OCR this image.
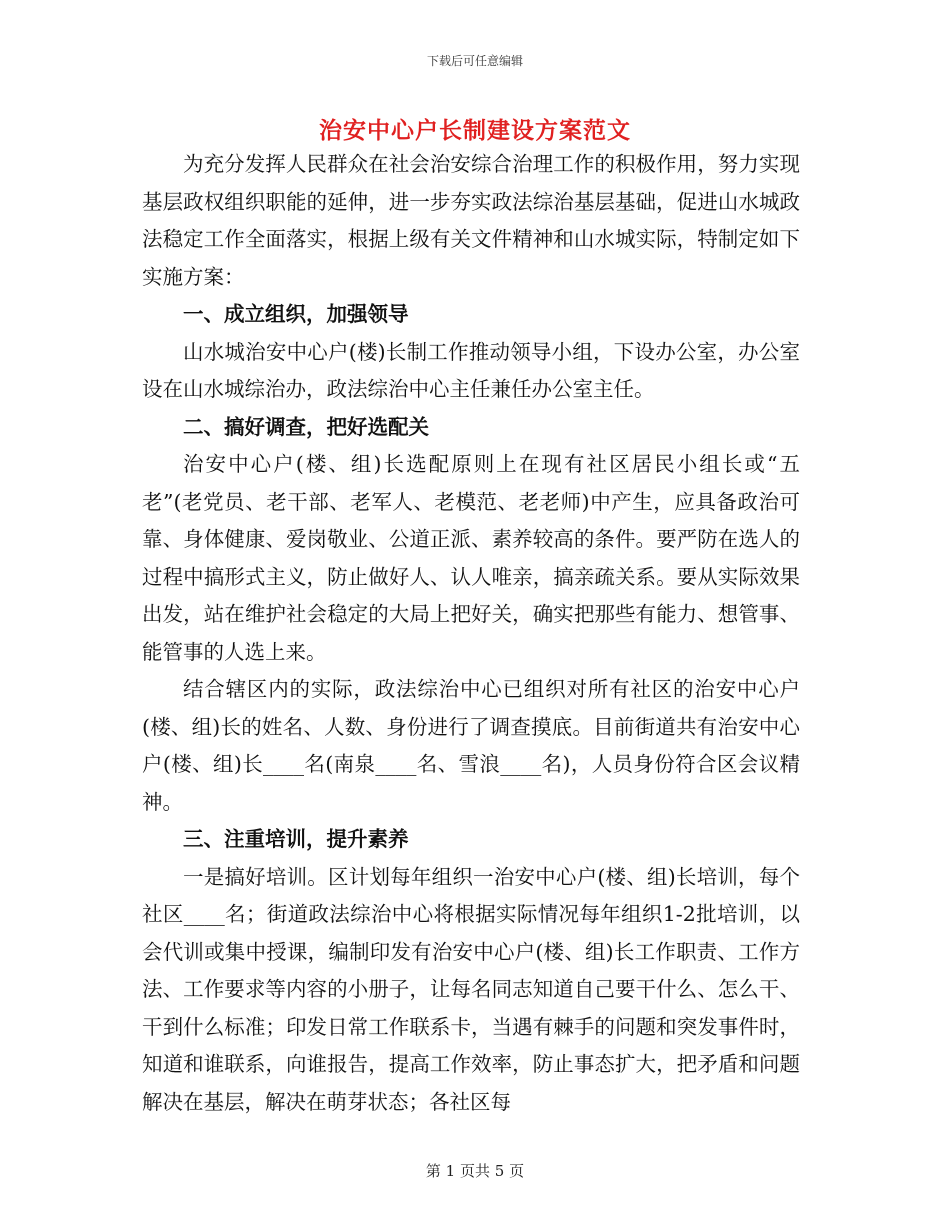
下载后可任意编辑
治安中心户长制建设方案范文

为充分发挥人民群众在社会治安综合治理工作的积极作用，努力实现基层政权组织职能的延伸，进一步夯实政法综治基层基础，促进山水城政法稳定工作全面落实，根据上级有关文件精神和山水城实际，特制定如下实施方案：

一、成立组织，加强领导

山水城治安中心户(楼)长制工作推动领导小组，下设办公室，办公室设在山水城综治办，政法综治中心主任兼任办公室主任。

二、搞好调查，把好选配关

治安中心户(楼、组)长选配原则上在现有社区居民小组长或“五老”(老党员、老干部、老军人、老模范、老老师)中产生，应具备政治可靠、身体健康、爱岗敬业、公道正派、素养较高的条件。要严防在选人的过程中搞形式主义，防止做好人、认人唯亲，搞亲疏关系。要从实际效果出发，站在维护社会稳定的大局上把好关，确实把那些有能力、想管事、能管事的人选上来。

结合辖区内的实际，政法综治中心已组织对所有社区的治安中心户(楼、组)长的姓名、人数、身份进行了调查摸底。目前街道共有治安中心户(楼、组)长____名(南泉____名、雪浪____名)，人员身份符合区会议精神。

三、注重培训，提升素养

一是搞好培训。区计划每年组织一治安中心户(楼、组)长培训，每个社区____名；街道政法综治中心将根据实际情况每年组织1-2批培训，以会代训或集中授课，编制印发有治安中心户(楼、组)长工作职责、工作方法、工作要求等内容的小册子，让每名同志知道自己要干什么、怎么干、干到什么标准；印发日常工作联系卡，当遇有棘手的问题和突发事件时，知道和谁联系，向谁报告，提高工作效率，防止事态扩大，把矛盾和问题解决在基层，解决在萌芽状态；各社区每

第 1 页共 5 页
